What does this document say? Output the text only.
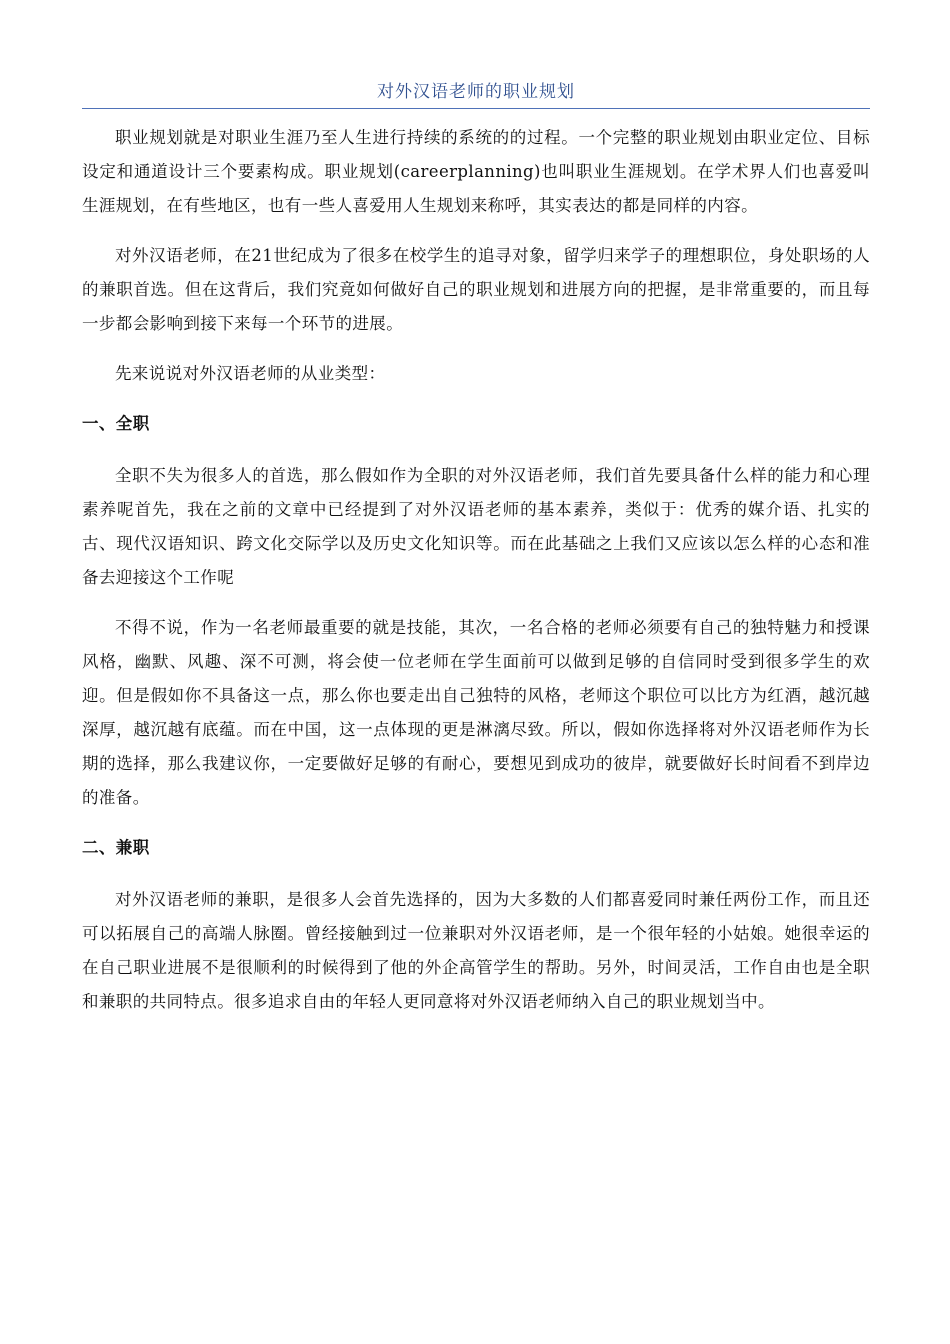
对外汉语老师的职业规划

职业规划就是对职业生涯乃至人生进行持续的系统的的过程。一个完整的职业规划由职业定位、目标设定和通道设计三个要素构成。职业规划(careerplanning)也叫职业生涯规划。在学术界人们也喜爱叫生涯规划，在有些地区，也有一些人喜爱用人生规划来称呼，其实表达的都是同样的内容。

对外汉语老师，在21世纪成为了很多在校学生的追寻对象，留学归来学子的理想职位，身处职场的人的兼职首选。但在这背后，我们究竟如何做好自己的职业规划和进展方向的把握，是非常重要的，而且每一步都会影响到接下来每一个环节的进展。

先来说说对外汉语老师的从业类型：

一、全职

全职不失为很多人的首选，那么假如作为全职的对外汉语老师，我们首先要具备什么样的能力和心理素养呢首先，我在之前的文章中已经提到了对外汉语老师的基本素养，类似于：优秀的媒介语、扎实的古、现代汉语知识、跨文化交际学以及历史文化知识等。而在此基础之上我们又应该以怎么样的心态和准备去迎接这个工作呢

不得不说，作为一名老师最重要的就是技能，其次，一名合格的老师必须要有自己的独特魅力和授课风格，幽默、风趣、深不可测，将会使一位老师在学生面前可以做到足够的自信同时受到很多学生的欢迎。但是假如你不具备这一点，那么你也要走出自己独特的风格，老师这个职位可以比方为红酒，越沉越深厚，越沉越有底蕴。而在中国，这一点体现的更是淋漓尽致。所以，假如你选择将对外汉语老师作为长期的选择，那么我建议你，一定要做好足够的有耐心，要想见到成功的彼岸，就要做好长时间看不到岸边的准备。

二、兼职

对外汉语老师的兼职，是很多人会首先选择的，因为大多数的人们都喜爱同时兼任两份工作，而且还可以拓展自己的高端人脉圈。曾经接触到过一位兼职对外汉语老师，是一个很年轻的小姑娘。她很幸运的在自己职业进展不是很顺利的时候得到了他的外企高管学生的帮助。另外，时间灵活，工作自由也是全职和兼职的共同特点。很多追求自由的年轻人更同意将对外汉语老师纳入自己的职业规划当中。
